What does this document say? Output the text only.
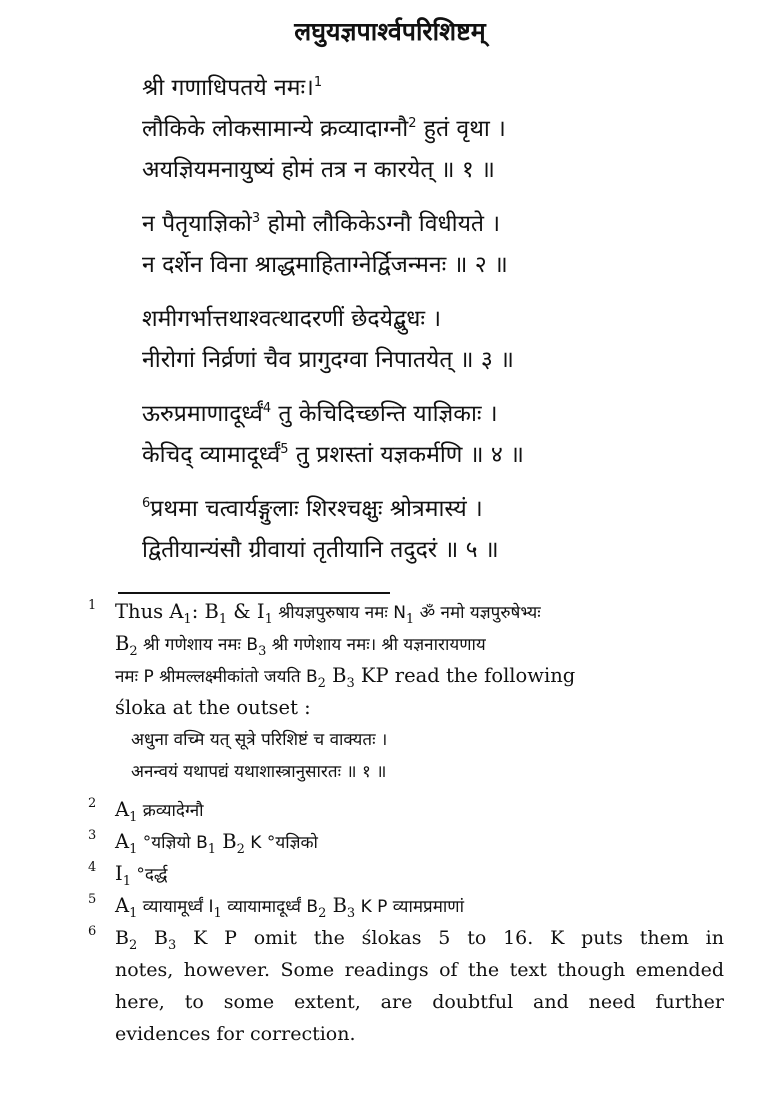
लघुयज्ञपार्श्वपरिशिष्टम्
श्री गणाधिपतये नमः।$^1$
लौकिके लोकसामान्ये क्रव्यादाग्नौ$^2$ हुतं वृथा ।
अयज्ञियमनायुष्यं होमं तत्र न कारयेत् ॥ १ ॥
न पैतृयाज्ञिको$^3$ होमो लौकिकेऽग्नौ विधीयते ।
न दर्शेन विना श्राद्धमाहिताग्नेर्द्विजन्मनः ॥ २ ॥
शमीगर्भात्तथाश्वत्थादरणीं छेदयेद्बुधः ।
नीरोगां निर्व्रणां चैव प्रागुदग्वा निपातयेत् ॥ ३ ॥
ऊरुप्रमाणादूर्ध्वं$^4$ तु केचिदिच्छन्ति याज्ञिकाः ।
केचिद् व्यामादूर्ध्वं$^5$ तु प्रशस्तां यज्ञकर्मणि ॥ ४ ॥
$^6$प्रथमा चत्वार्यङ्गुलाः शिरश्चक्षुः श्रोत्रमास्यं ।
द्वितीयान्यंसौ ग्रीवायां तृतीयानि तदुदरं ॥ ५ ॥
1 Thus $A_1$: $B_1$ & $I_1$ श्रीयज्ञपुरुषाय नमः $N_1$ ॐ नमो यज्ञपुरुषेभ्यः
$B_2$ श्री गणेशाय नमः $B_3$ श्री गणेशाय नमः। श्री यज्ञनारायणाय
नमः P श्रीमल्लक्ष्मीकांतो जयति $B_2$ $B_3$ KP read the following
śloka at the outset :
अधुना वच्मि यत् सूत्रे परिशिष्टं च वाक्यतः ।
अनन्वयं यथापद्यं यथाशास्त्रानुसारतः ॥ १ ॥
2 $A_1$ क्रव्यादेग्नौ
3 $A_1$ °यज्ञियो $B_1$ $B_2$ K °यज्ञिको
4 $I_1$ °दर्द्ध
5 $A_1$ व्यायामूर्ध्वं $I_1$ व्यायामादूर्ध्वं $B_2$ $B_3$ K P व्यामप्रमाणां
6 $B_2$ $B_3$ K P omit the ślokas 5 to 16. K puts them in
notes, however. Some readings of the text though emended
here, to some extent, are doubtful and need further
evidences for correction.
